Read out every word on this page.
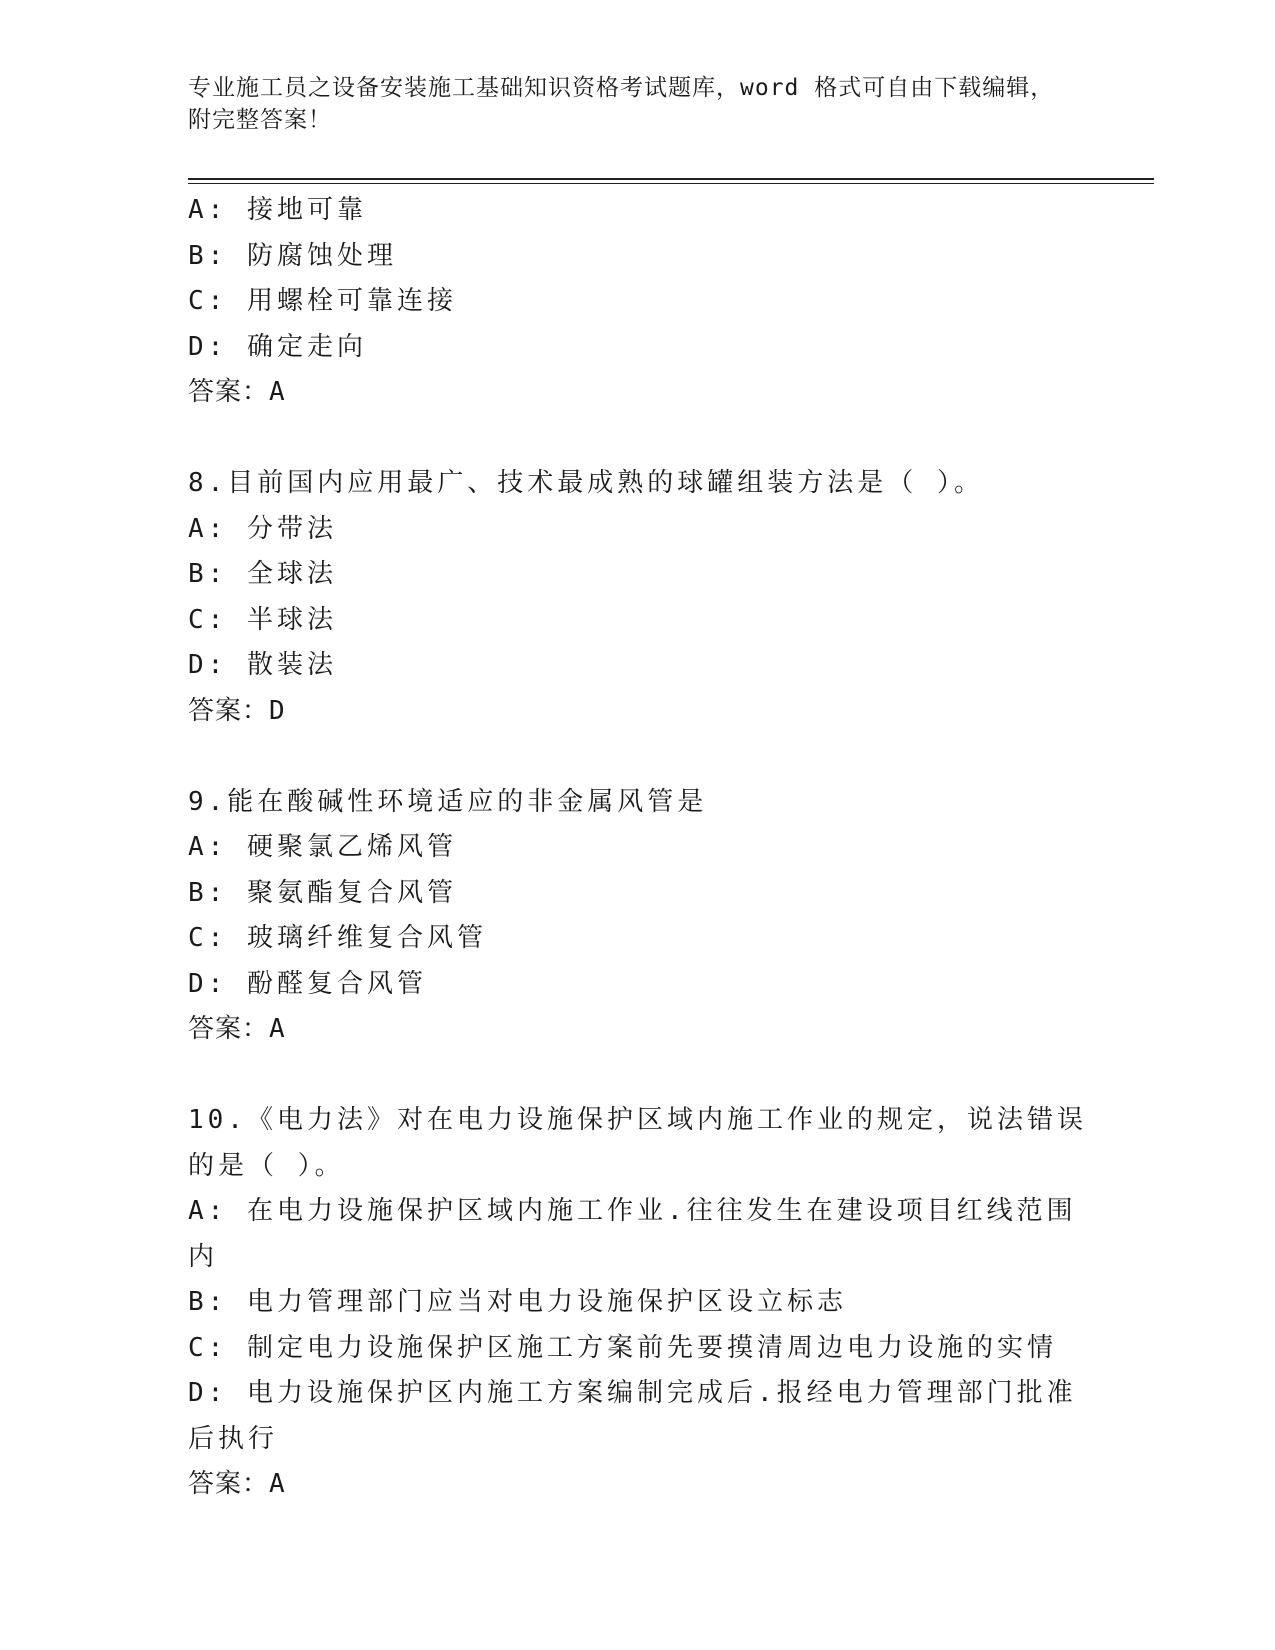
专业施工员之设备安装施工基础知识资格考试题库，word 格式可自由下载编辑，附完整答案！
A: 接地可靠
B: 防腐蚀处理
C: 用螺栓可靠连接
D: 确定走向
答案：A
8.目前国内应用最广、技术最成熟的球罐组装方法是（ ）。
A: 分带法
B: 全球法
C: 半球法
D: 散装法
答案：D
9.能在酸碱性环境适应的非金属风管是
A: 硬聚氯乙烯风管
B: 聚氨酯复合风管
C: 玻璃纤维复合风管
D: 酚醛复合风管
答案：A
10.《电力法》对在电力设施保护区域内施工作业的规定，说法错误的是（ ）。
A: 在电力设施保护区域内施工作业.往往发生在建设项目红线范围内
B: 电力管理部门应当对电力设施保护区设立标志
C: 制定电力设施保护区施工方案前先要摸清周边电力设施的实情
D: 电力设施保护区内施工方案编制完成后.报经电力管理部门批准后执行
答案：A
